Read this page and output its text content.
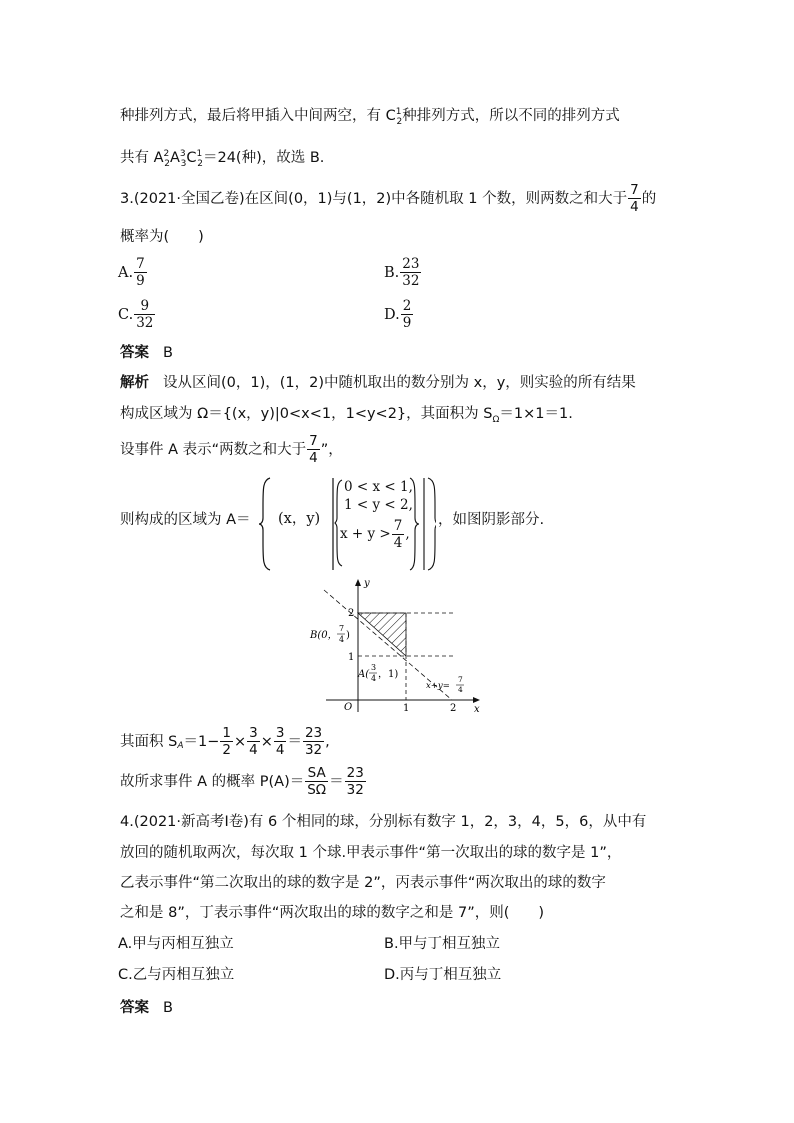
种排列方式，最后将甲插入中间两空，有 $C^1_2$种排列方式，所以不同的排列方式
共有 $A^2_2A^3_3C^1_2=24$(种)，故选 B.
3.(2021·全国乙卷)在区间(0，1)与(1，2)中各随机取 1 个数，则两数之和大于 $\frac{7}{4}$ 的
概率为(　　)
A. $\frac{7}{9}$	B. $\frac{23}{32}$
C. $\frac{9}{32}$	D. $\frac{2}{9}$
答案 B
解析 设从区间(0，1)，(1，2)中随机取出的数分别为 x，y，则实验的所有结果
构成区域为 Ω＝{(x，y)|0<x<1，1<y<2}，其面积为 $S_\Omega=1\times 1=1$.
设事件 A 表示“两数之和大于 $\frac{7}{4}$ ”，
则构成的区域为 A＝ (x，y)
0 < x < 1,
1 < y < 2,
$x + y > \frac{7}{4}$ ,
，如图阴影部分.
y
x
O
2
1
1	2
B(0，
7
4 )
A(
3
4 ，1)
x+y=
7
4
其面积 S $A =1- \frac{1}{2} \times \frac{3}{4} \times \frac{3}{4} = \frac{23}{32}$ ,
故所求事件 A 的概率 $P(A)= \frac{SA}{S\Omega} = \frac{23}{32}$
4.(2021·新高考Ⅰ卷)有 6 个相同的球，分别标有数字 1，2，3，4，5，6，从中有
放回的随机取两次，每次取 1 个球.甲表示事件“第一次取出的球的数字是 1”，
乙表示事件“第二次取出的球的数字是 2”，丙表示事件“两次取出的球的数字
之和是 8”，丁表示事件“两次取出的球的数字之和是 7”，则(　　)
A.甲与丙相互独立	B.甲与丁相互独立
C.乙与丙相互独立	D.丙与丁相互独立
答案 B
